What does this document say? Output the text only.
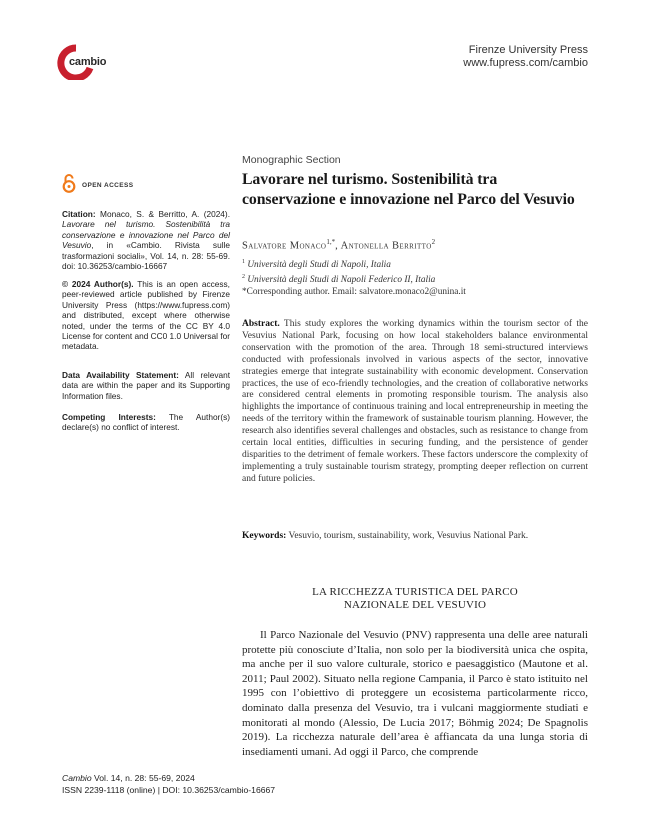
cambio
Firenze University Press
www.fupress.com/cambio
OPEN ACCESS
Citation: Monaco, S. & Berritto, A. (2024). Lavorare nel turismo. Sostenibilità tra conservazione e innovazione nel Parco del Vesuvio, in «Cambio. Rivista sulle trasformazioni sociali», Vol. 14, n. 28: 55-69. doi: 10.36253/cambio-16667
© 2024 Author(s). This is an open access, peer-reviewed article published by Firenze University Press (https://www.fupress.com) and distributed, except where otherwise noted, under the terms of the CC BY 4.0 License for content and CC0 1.0 Universal for metadata.
Data Availability Statement: All relevant data are within the paper and its Supporting Information files.
Competing Interests: The Author(s) declare(s) no conflict of interest.
Monographic Section
Lavorare nel turismo. Sostenibilità tra conservazione e innovazione nel Parco del Vesuvio
Salvatore Monaco$^{1,*}$, Antonella Berritto$^2$
$^1$ Università degli Studi di Napoli, Italia
$^2$ Università degli Studi di Napoli Federico II, Italia
*Corresponding author. Email: salvatore.monaco2@unina.it
Abstract. This study explores the working dynamics within the tourism sector of the Vesuvius National Park, focusing on how local stakeholders balance environmental conservation with the promotion of the area. Through 18 semi-structured interviews conducted with professionals involved in various aspects of the sector, innovative strategies emerge that integrate sustainability with economic development. Conservation practices, the use of eco-friendly technologies, and the creation of collaborative networks are considered central elements in promoting responsible tourism. The analysis also highlights the importance of continuous training and local entrepreneurship in meeting the needs of the territory within the framework of sustainable tourism planning. However, the research also identifies several challenges and obstacles, such as resistance to change from certain local entities, difficulties in securing funding, and the persistence of gender disparities to the detriment of female workers. These factors underscore the complexity of implementing a truly sustainable tourism strategy, prompting deeper reflection on current and future policies.
Keywords: Vesuvio, tourism, sustainability, work, Vesuvius National Park.
LA RICCHEZZA TURISTICA DEL PARCO
NAZIONALE DEL VESUVIO

Il Parco Nazionale del Vesuvio (PNV) rappresenta una delle aree naturali protette più conosciute d’Italia, non solo per la biodiversità unica che ospita, ma anche per il suo valore culturale, storico e paesaggistico (Mautone et al. 2011; Paul 2002). Situato nella regione Campania, il Parco è stato istituito nel 1995 con l’obiettivo di proteggere un ecosistema particolarmente ricco, dominato dalla presenza del Vesuvio, tra i vulcani maggiormente studiati e monitorati al mondo (Alessio, De Lucia 2017; Böhmig 2024; De Spagnolis 2019). La ricchezza naturale dell’area è affiancata da una lunga storia di insediamenti umani. Ad oggi il Parco, che comprende

Cambio Vol. 14, n. 28: 55-69, 2024
ISSN 2239-1118 (online) | DOI: 10.36253/cambio-16667
